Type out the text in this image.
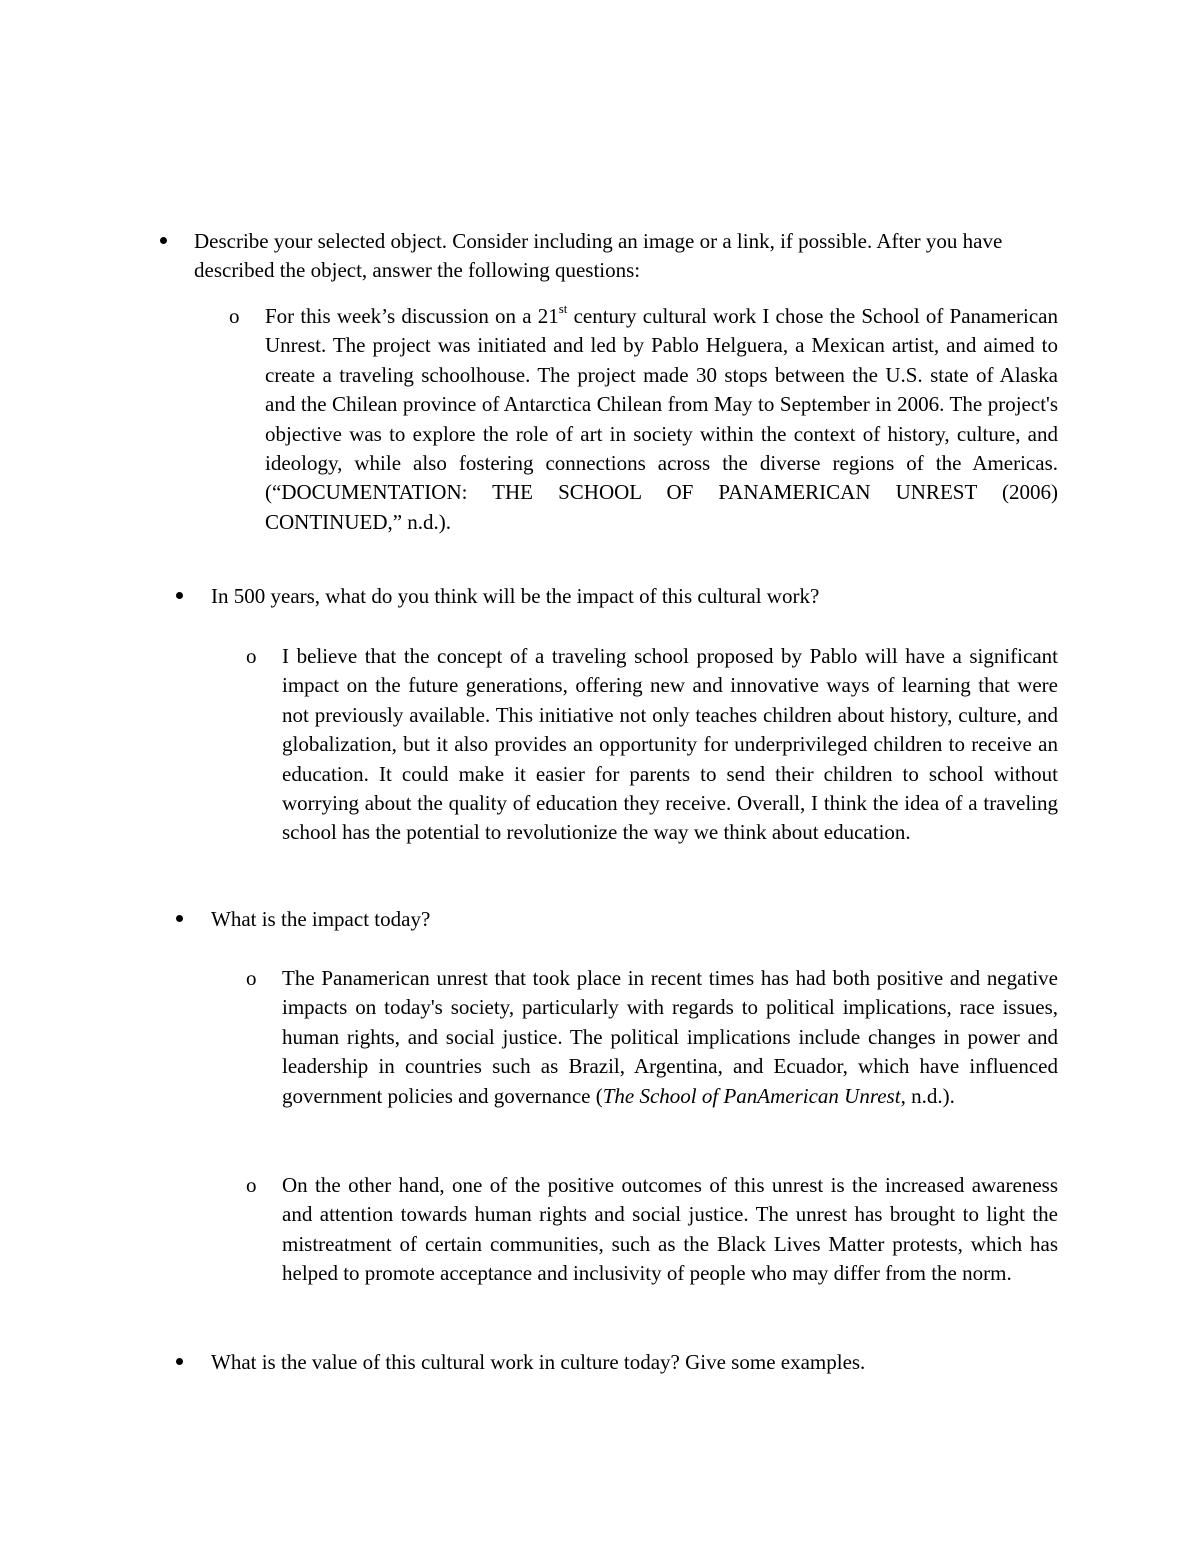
Describe your selected object. Consider including an image or a link, if possible. After you have described the object, answer the following questions:
o For this week’s discussion on a 21st century cultural work I chose the School of Panamerican Unrest. The project was initiated and led by Pablo Helguera, a Mexican artist, and aimed to create a traveling schoolhouse. The project made 30 stops between the U.S. state of Alaska and the Chilean province of Antarctica Chilean from May to September in 2006. The project's objective was to explore the role of art in society within the context of history, culture, and ideology, while also fostering connections across the diverse regions of the Americas. (“DOCUMENTATION: THE SCHOOL OF PANAMERICAN UNREST (2006) CONTINUED,” n.d.).
In 500 years, what do you think will be the impact of this cultural work?
o I believe that the concept of a traveling school proposed by Pablo will have a significant impact on the future generations, offering new and innovative ways of learning that were not previously available. This initiative not only teaches children about history, culture, and globalization, but it also provides an opportunity for underprivileged children to receive an education. It could make it easier for parents to send their children to school without worrying about the quality of education they receive. Overall, I think the idea of a traveling school has the potential to revolutionize the way we think about education.
What is the impact today?
o The Panamerican unrest that took place in recent times has had both positive and negative impacts on today's society, particularly with regards to political implications, race issues, human rights, and social justice. The political implications include changes in power and leadership in countries such as Brazil, Argentina, and Ecuador, which have influenced government policies and governance (The School of PanAmerican Unrest, n.d.).
o On the other hand, one of the positive outcomes of this unrest is the increased awareness and attention towards human rights and social justice. The unrest has brought to light the mistreatment of certain communities, such as the Black Lives Matter protests, which has helped to promote acceptance and inclusivity of people who may differ from the norm.
What is the value of this cultural work in culture today? Give some examples.
